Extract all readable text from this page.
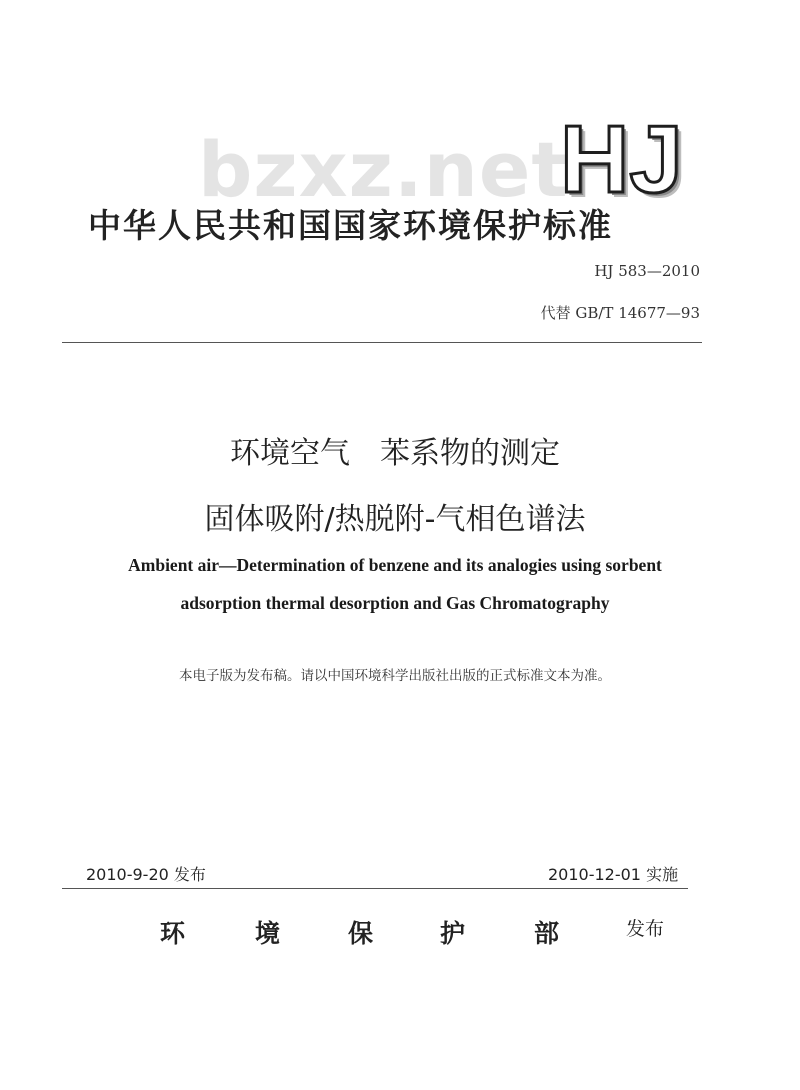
bzxz.net
HJ
中华人民共和国国家环境保护标准
HJ 583—2010
代替 GB/T 14677—93
环境空气　苯系物的测定
固体吸附/热脱附-气相色谱法
Ambient air—Determination of benzene and its analogies using sorbent
adsorption thermal desorption and Gas Chromatography
本电子版为发布稿。请以中国环境科学出版社出版的正式标准文本为准。
2010-9-20 发布	2010-12-01 实施
环	境	保	护	部	发布
